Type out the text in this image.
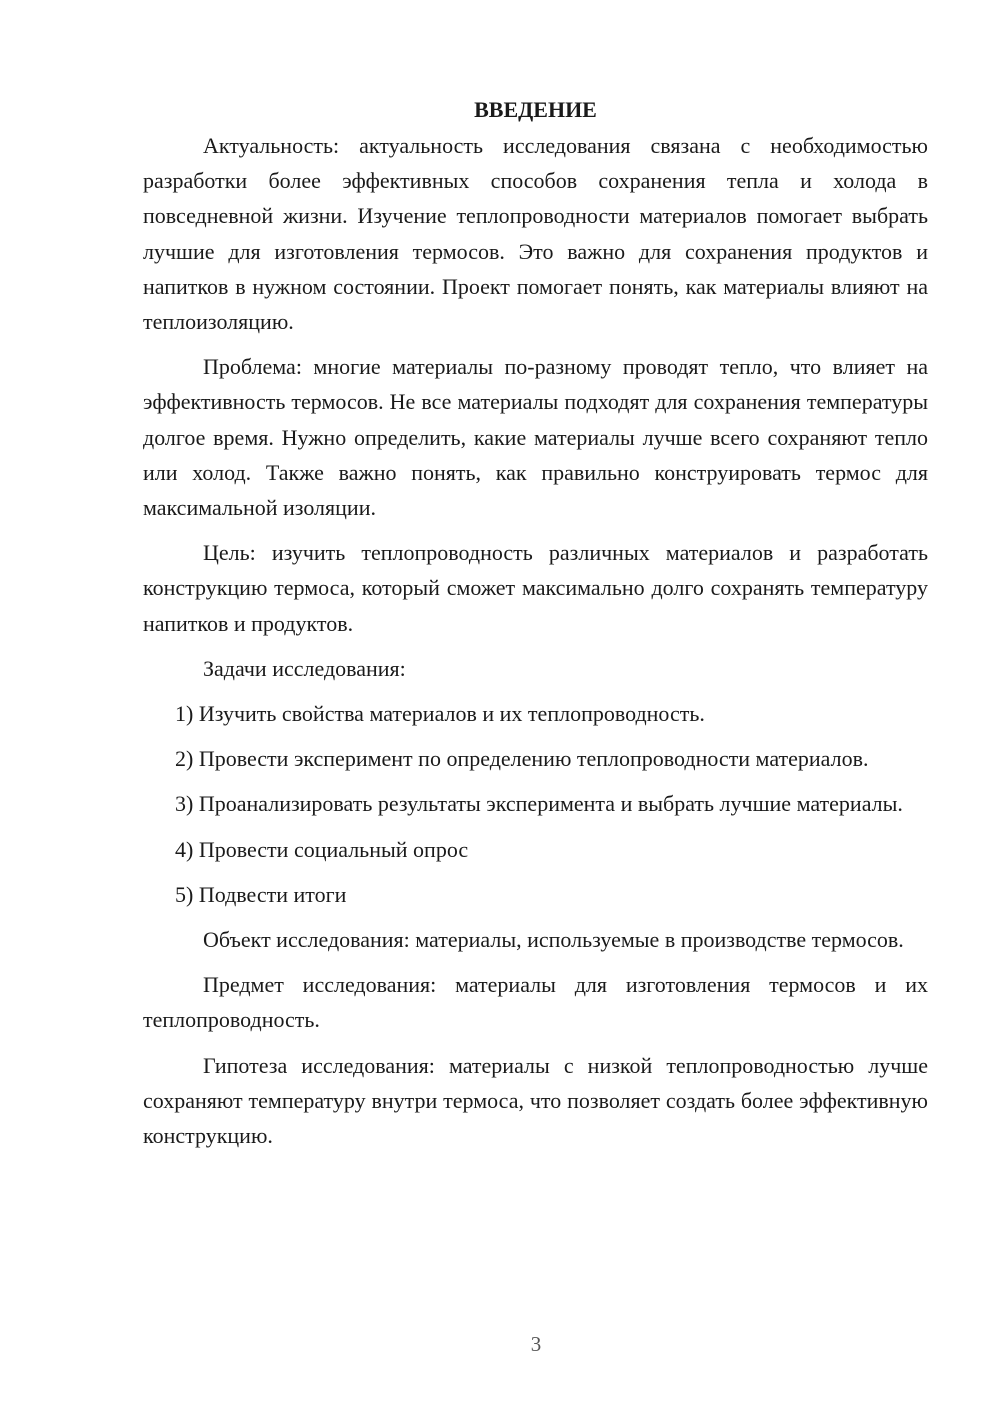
ВВЕДЕНИЕ

Актуальность: актуальность исследования связана с необходимостью разработки более эффективных способов сохранения тепла и холода в повседневной жизни. Изучение теплопроводности материалов помогает выбрать лучшие для изготовления термосов. Это важно для сохранения продуктов и напитков в нужном состоянии. Проект помогает понять, как материалы влияют на теплоизоляцию.

Проблема: многие материалы по-разному проводят тепло, что влияет на эффективность термосов. Не все материалы подходят для сохранения температуры долгое время. Нужно определить, какие материалы лучше всего сохраняют тепло или холод. Также важно понять, как правильно конструировать термос для максимальной изоляции.

Цель: изучить теплопроводность различных материалов и разработать конструкцию термоса, который сможет максимально долго сохранять температуру напитков и продуктов.

Задачи исследования:

1) Изучить свойства материалов и их теплопроводность.

2) Провести эксперимент по определению теплопроводности материалов.

3) Проанализировать результаты эксперимента и выбрать лучшие материалы.

4) Провести социальный опрос

5) Подвести итоги

Объект исследования: материалы, используемые в производстве термосов.

Предмет исследования: материалы для изготовления термосов и их теплопроводность.

Гипотеза исследования: материалы с низкой теплопроводностью лучше сохраняют температуру внутри термоса, что позволяет создать более эффективную конструкцию.

3
